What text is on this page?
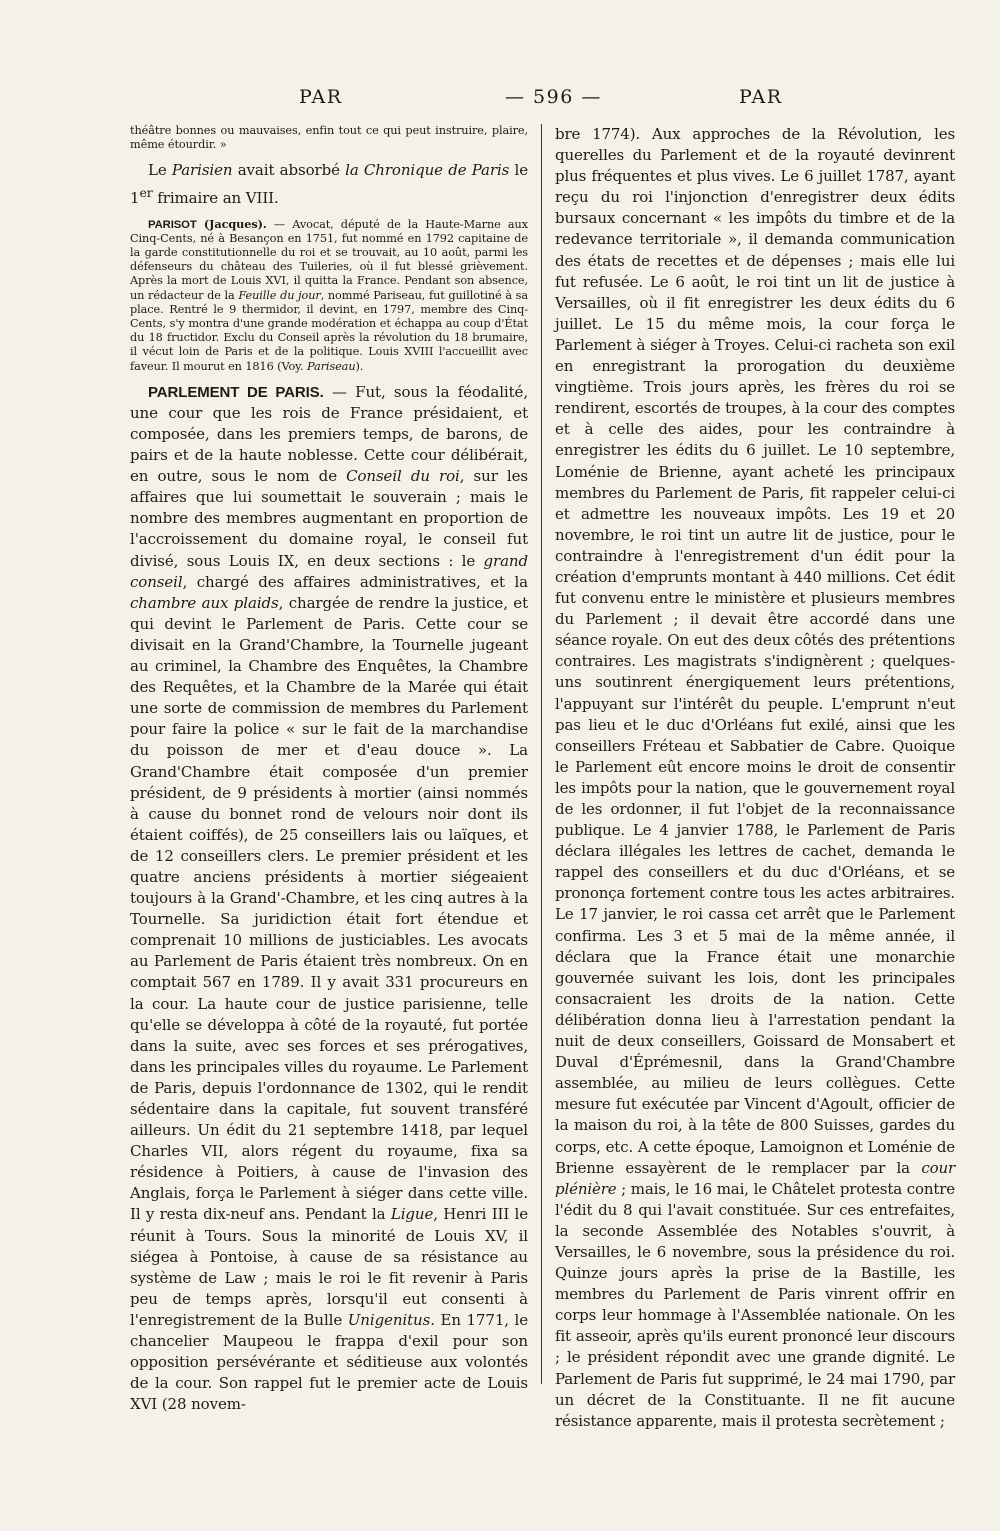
PAR	— 596 —	PAR

théâtre bonnes ou mauvaises, enfin tout ce qui peut instruire, plaire, même étourdir. »

Le Parisien avait absorbé la Chronique de Paris le 1er frimaire an VIII.

PARISOT (Jacques). — Avocat, député de la Haute-Marne aux Cinq-Cents, né à Besançon en 1751, fut nommé en 1792 capitaine de la garde constitutionnelle du roi et se trouvait, au 10 août, parmi les défenseurs du château des Tuileries, où il fut blessé grièvement. Après la mort de Louis XVI, il quitta la France. Pendant son absence, un rédacteur de la Feuille du jour, nommé Pariseau, fut guillotiné à sa place. Rentré le 9 thermidor, il devint, en 1797, membre des Cinq-Cents, s'y montra d'une grande modération et échappa au coup d'État du 18 fructidor. Exclu du Conseil après la révolution du 18 brumaire, il vécut loin de Paris et de la politique. Louis XVIII l'accueillit avec faveur. Il mourut en 1816 (Voy. Pariseau).

PARLEMENT DE PARIS. — Fut, sous la féodalité, une cour que les rois de France présidaient, et composée, dans les premiers temps, de barons, de pairs et de la haute noblesse. Cette cour délibérait, en outre, sous le nom de Conseil du roi, sur les affaires que lui soumettait le souverain ; mais le nombre des membres augmentant en proportion de l'accroissement du domaine royal, le conseil fut divisé, sous Louis IX, en deux sections : le grand conseil, chargé des affaires administratives, et la chambre aux plaids, chargée de rendre la justice, et qui devint le Parlement de Paris. Cette cour se divisait en la Grand'Chambre, la Tournelle jugeant au criminel, la Chambre des Enquêtes, la Chambre des Requêtes, et la Chambre de la Marée qui était une sorte de commission de membres du Parlement pour faire la police « sur le fait de la marchandise du poisson de mer et d'eau douce ». La Grand'Chambre était composée d'un premier président, de 9 présidents à mortier (ainsi nommés à cause du bonnet rond de velours noir dont ils étaient coiffés), de 25 conseillers lais ou laïques, et de 12 conseillers clers. Le premier président et les quatre anciens présidents à mortier siégeaient toujours à la Grand'-Chambre, et les cinq autres à la Tournelle. Sa juridiction était fort étendue et comprenait 10 millions de justiciables. Les avocats au Parlement de Paris étaient très nombreux. On en comptait 567 en 1789. Il y avait 331 procureurs en la cour. La haute cour de justice parisienne, telle qu'elle se développa à côté de la royauté, fut portée dans la suite, avec ses forces et ses prérogatives, dans les principales villes du royaume. Le Parlement de Paris, depuis l'ordonnance de 1302, qui le rendit sédentaire dans la capitale, fut souvent transféré ailleurs. Un édit du 21 septembre 1418, par lequel Charles VII, alors régent du royaume, fixa sa résidence à Poitiers, à cause de l'invasion des Anglais, força le Parlement à siéger dans cette ville. Il y resta dix-neuf ans. Pendant la Ligue, Henri III le réunit à Tours. Sous la minorité de Louis XV, il siégea à Pontoise, à cause de sa résistance au système de Law ; mais le roi le fit revenir à Paris peu de temps après, lorsqu'il eut consenti à l'enregistrement de la Bulle Unigenitus. En 1771, le chancelier Maupeou le frappa d'exil pour son opposition persévérante et séditieuse aux volontés de la cour. Son rappel fut le premier acte de Louis XVI (28 novem-

bre 1774). Aux approches de la Révolution, les querelles du Parlement et de la royauté devinrent plus fréquentes et plus vives. Le 6 juillet 1787, ayant reçu du roi l'injonction d'enregistrer deux édits bursaux concernant « les impôts du timbre et de la redevance territoriale », il demanda communication des états de recettes et de dépenses ; mais elle lui fut refusée. Le 6 août, le roi tint un lit de justice à Versailles, où il fit enregistrer les deux édits du 6 juillet. Le 15 du même mois, la cour força le Parlement à siéger à Troyes. Celui-ci racheta son exil en enregistrant la prorogation du deuxième vingtième. Trois jours après, les frères du roi se rendirent, escortés de troupes, à la cour des comptes et à celle des aides, pour les contraindre à enregistrer les édits du 6 juillet. Le 10 septembre, Loménie de Brienne, ayant acheté les principaux membres du Parlement de Paris, fit rappeler celui-ci et admettre les nouveaux impôts. Les 19 et 20 novembre, le roi tint un autre lit de justice, pour le contraindre à l'enregistrement d'un édit pour la création d'emprunts montant à 440 millions. Cet édit fut convenu entre le ministère et plusieurs membres du Parlement ; il devait être accordé dans une séance royale. On eut des deux côtés des prétentions contraires. Les magistrats s'indignèrent ; quelques-uns soutinrent énergiquement leurs prétentions, l'appuyant sur l'intérêt du peuple. L'emprunt n'eut pas lieu et le duc d'Orléans fut exilé, ainsi que les conseillers Fréteau et Sabbatier de Cabre. Quoique le Parlement eût encore moins le droit de consentir les impôts pour la nation, que le gouvernement royal de les ordonner, il fut l'objet de la reconnaissance publique. Le 4 janvier 1788, le Parlement de Paris déclara illégales les lettres de cachet, demanda le rappel des conseillers et du duc d'Orléans, et se prononça fortement contre tous les actes arbitraires. Le 17 janvier, le roi cassa cet arrêt que le Parlement confirma. Les 3 et 5 mai de la même année, il déclara que la France était une monarchie gouvernée suivant les lois, dont les principales consacraient les droits de la nation. Cette délibération donna lieu à l'arrestation pendant la nuit de deux conseillers, Goissard de Monsabert et Duval d'Éprémesnil, dans la Grand'Chambre assemblée, au milieu de leurs collègues. Cette mesure fut exécutée par Vincent d'Agoult, officier de la maison du roi, à la tête de 800 Suisses, gardes du corps, etc. A cette époque, Lamoignon et Loménie de Brienne essayèrent de le remplacer par la cour plénière ; mais, le 16 mai, le Châtelet protesta contre l'édit du 8 qui l'avait constituée. Sur ces entrefaites, la seconde Assemblée des Notables s'ouvrit, à Versailles, le 6 novembre, sous la présidence du roi. Quinze jours après la prise de la Bastille, les membres du Parlement de Paris vinrent offrir en corps leur hommage à l'Assemblée nationale. On les fit asseoir, après qu'ils eurent prononcé leur discours ; le président répondit avec une grande dignité. Le Parlement de Paris fut supprimé, le 24 mai 1790, par un décret de la Constituante. Il ne fit aucune résistance apparente, mais il protesta secrètement ;
